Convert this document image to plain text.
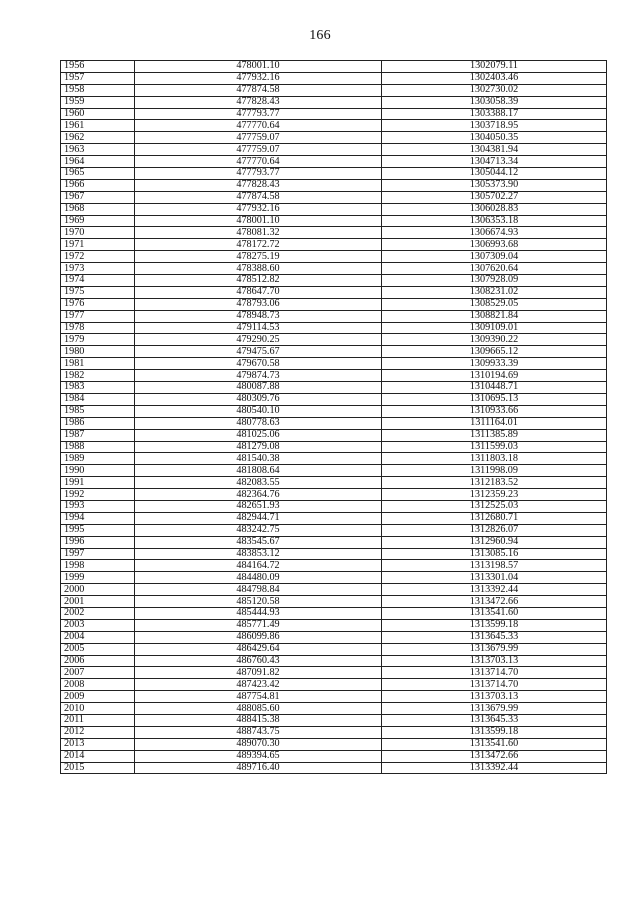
166
1956	478001.10	1302079.11
1957	477932.16	1302403.46
1958	477874.58	1302730.02
1959	477828.43	1303058.39
1960	477793.77	1303388.17
1961	477770.64	1303718.95
1962	477759.07	1304050.35
1963	477759.07	1304381.94
1964	477770.64	1304713.34
1965	477793.77	1305044.12
1966	477828.43	1305373.90
1967	477874.58	1305702.27
1968	477932.16	1306028.83
1969	478001.10	1306353.18
1970	478081.32	1306674.93
1971	478172.72	1306993.68
1972	478275.19	1307309.04
1973	478388.60	1307620.64
1974	478512.82	1307928.09
1975	478647.70	1308231.02
1976	478793.06	1308529.05
1977	478948.73	1308821.84
1978	479114.53	1309109.01
1979	479290.25	1309390.22
1980	479475.67	1309665.12
1981	479670.58	1309933.39
1982	479874.73	1310194.69
1983	480087.88	1310448.71
1984	480309.76	1310695.13
1985	480540.10	1310933.66
1986	480778.63	1311164.01
1987	481025.06	1311385.89
1988	481279.08	1311599.03
1989	481540.38	1311803.18
1990	481808.64	1311998.09
1991	482083.55	1312183.52
1992	482364.76	1312359.23
1993	482651.93	1312525.03
1994	482944.71	1312680.71
1995	483242.75	1312826.07
1996	483545.67	1312960.94
1997	483853.12	1313085.16
1998	484164.72	1313198.57
1999	484480.09	1313301.04
2000	484798.84	1313392.44
2001	485120.58	1313472.66
2002	485444.93	1313541.60
2003	485771.49	1313599.18
2004	486099.86	1313645.33
2005	486429.64	1313679.99
2006	486760.43	1313703.13
2007	487091.82	1313714.70
2008	487423.42	1313714.70
2009	487754.81	1313703.13
2010	488085.60	1313679.99
2011	488415.38	1313645.33
2012	488743.75	1313599.18
2013	489070.30	1313541.60
2014	489394.65	1313472.66
2015	489716.40	1313392.44
